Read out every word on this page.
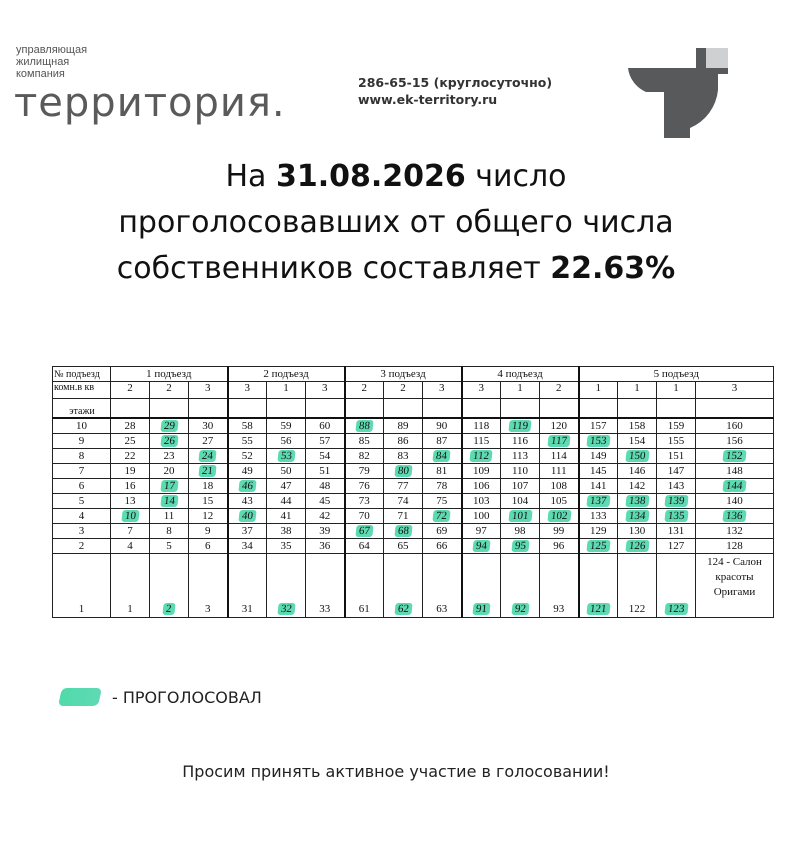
управляющая
жилищная
компания
территория.	286-65-15 (круглосуточно)
www.ek-territory.ru
На 31.08.2026 число
проголосовавших от общего числа
собственников составляет 22.63%
№ подъезд	1 подъезд			2 подъезд			3 подъезд			4 подъезд			5 подъезд			
комн.в кв	2	2	3	3	1	3	2	2	3	3	1	2	1	1	1	3
этажи																
10	28	29	30	58	59	60	88	89	90	118	119	120	157	158	159	160
9	25	26	27	55	56	57	85	86	87	115	116	117	153	154	155	156
8	22	23	24	52	53	54	82	83	84	112	113	114	149	150	151	152
7	19	20	21	49	50	51	79	80	81	109	110	111	145	146	147	148
6	16	17	18	46	47	48	76	77	78	106	107	108	141	142	143	144
5	13	14	15	43	44	45	73	74	75	103	104	105	137	138	139	140
4	10	11	12	40	41	42	70	71	72	100	101	102	133	134	135	136
3	7	8	9	37	38	39	67	68	69	97	98	99	129	130	131	132
2	4	5	6	34	35	36	64	65	66	94	95	96	125	126	127	128
1	1	2	3	31	32	33	61	62	63	91	92	93	121	122	123	124 - Салон красоты Оригами
- ПРОГОЛОСОВАЛ
Просим принять активное участие в голосовании!
